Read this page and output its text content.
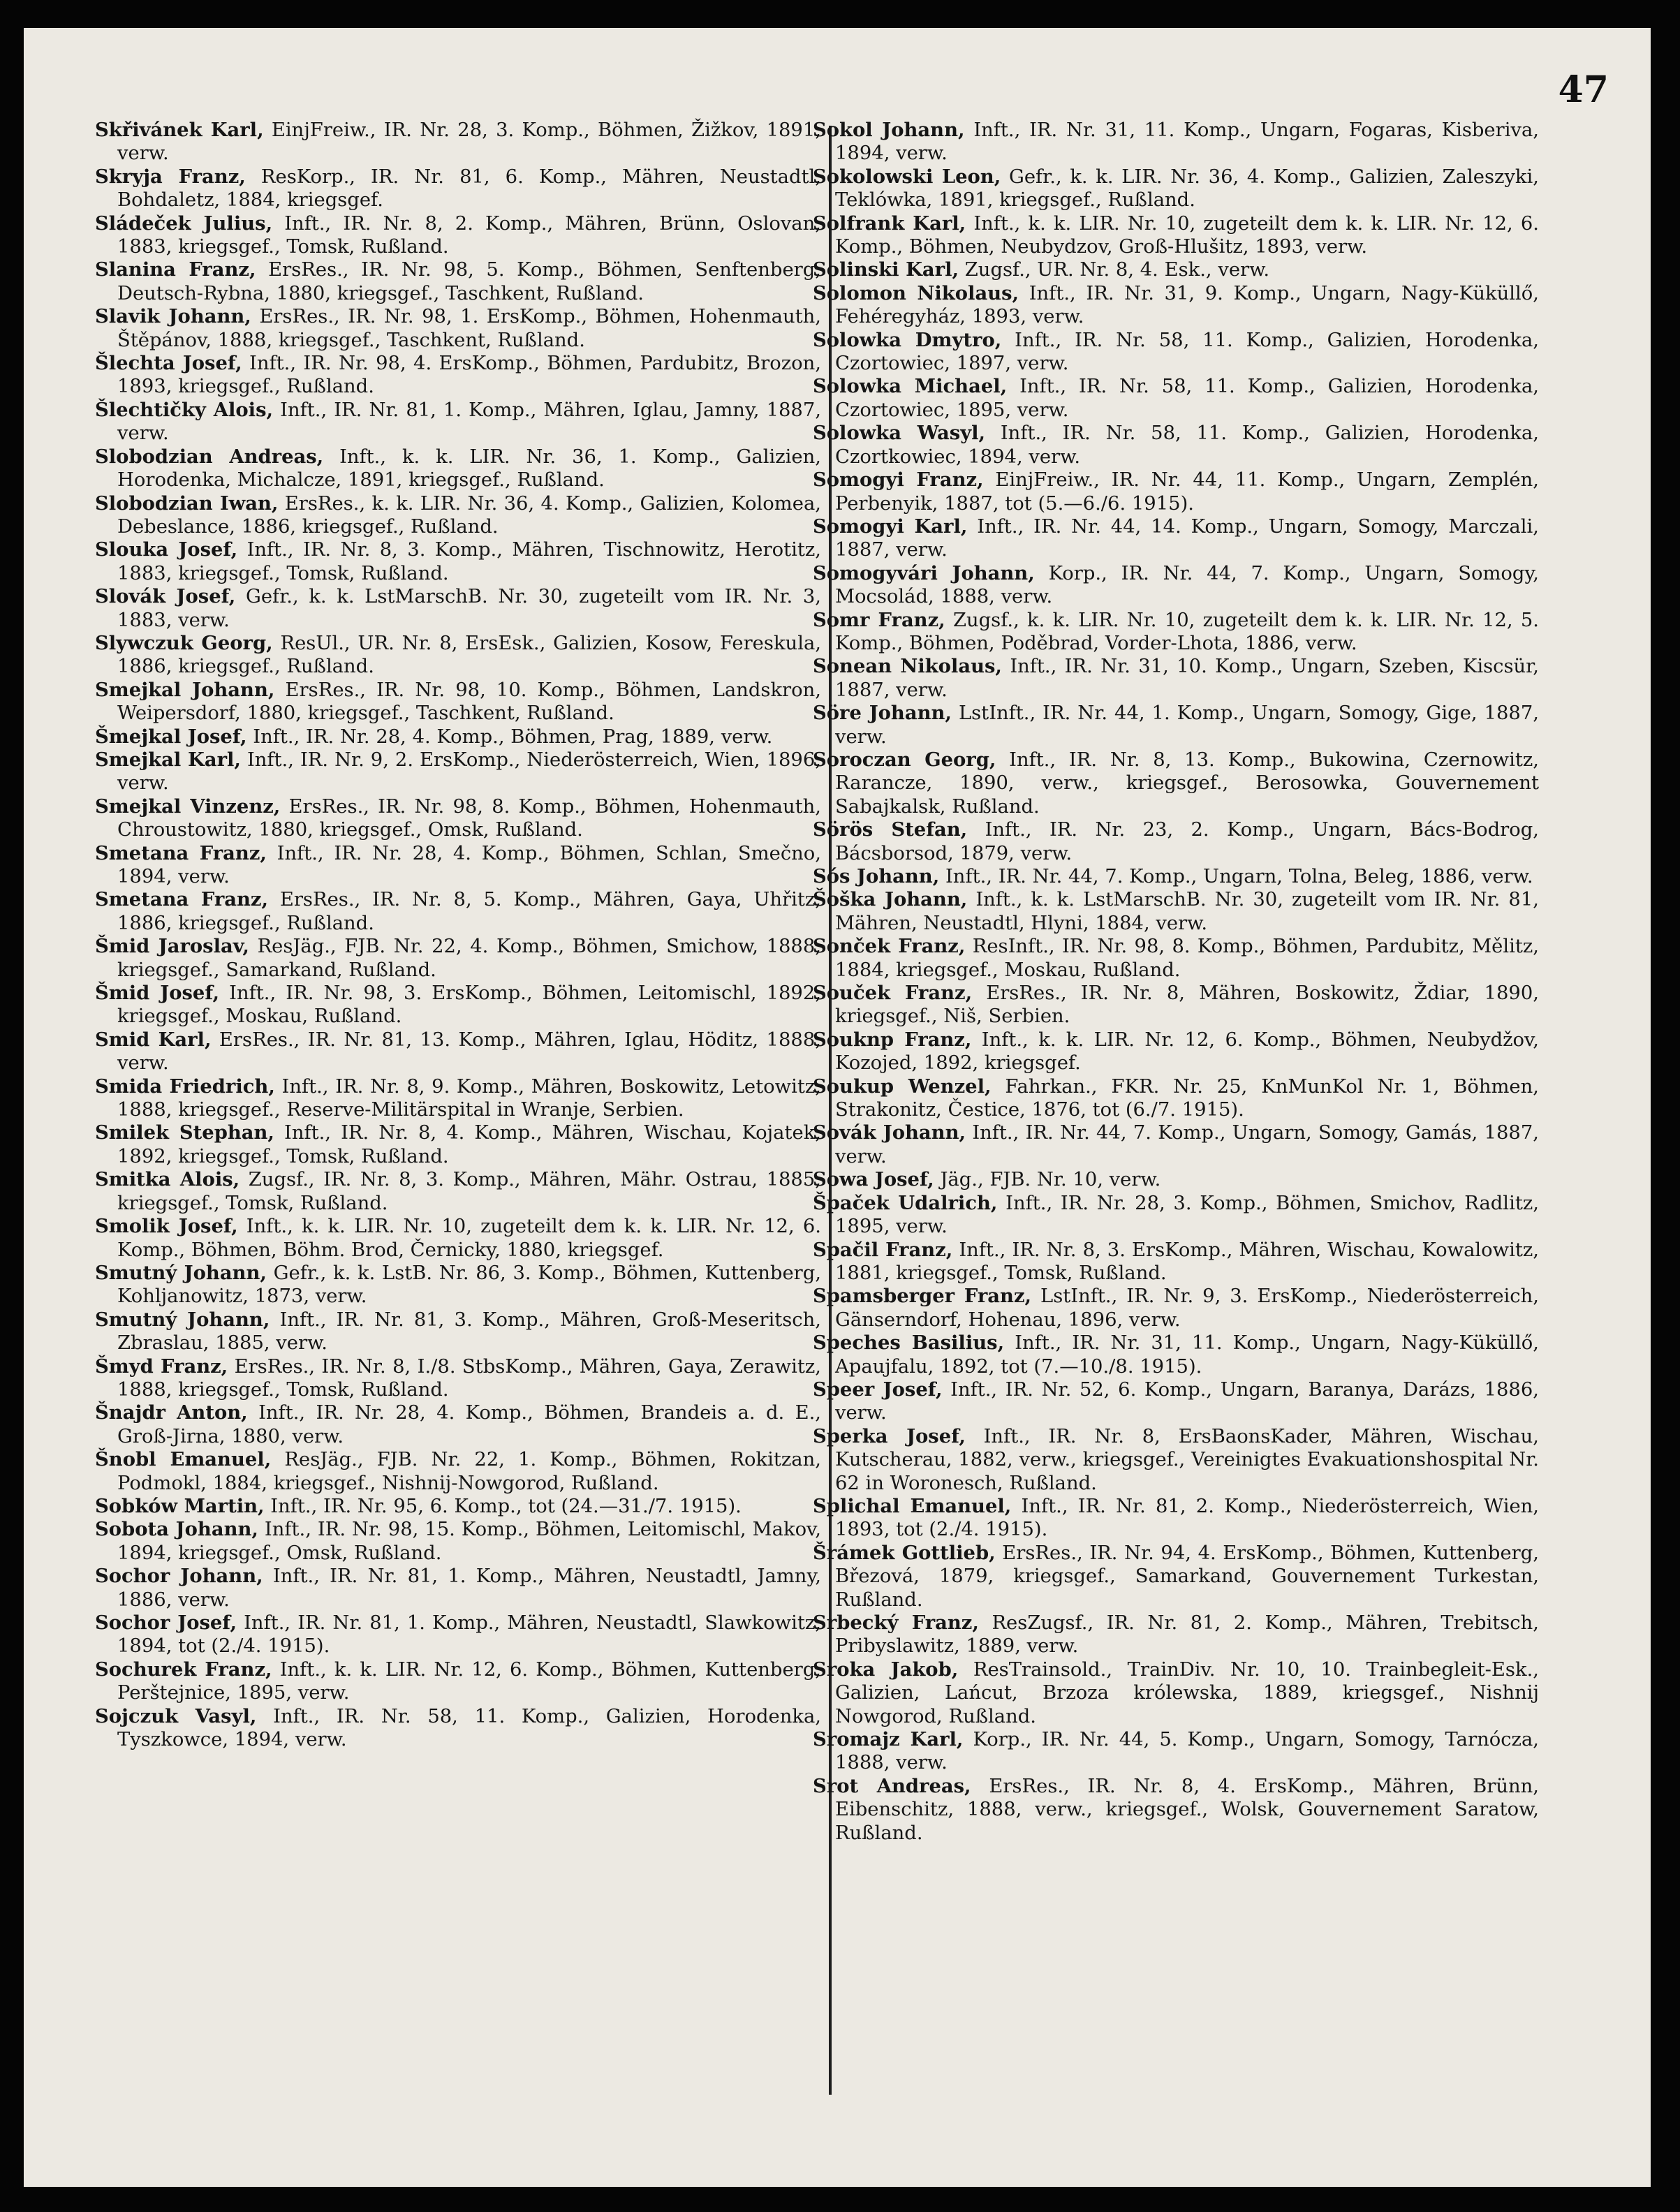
47
Skřivánek Karl, EinjFreiw., IR. Nr. 28, 3. Komp., Böhmen, Žižkov, 1891, verw.
Skryja Franz, ResKorp., IR. Nr. 81, 6. Komp., Mähren, Neustadtl, Bohdaletz, 1884, kriegsgef.
Sládeček Julius, Inft., IR. Nr. 8, 2. Komp., Mähren, Brünn, Oslovan, 1883, kriegsgef., Tomsk, Rußland.
Slanina Franz, ErsRes., IR. Nr. 98, 5. Komp., Böhmen, Senftenberg, Deutsch-Rybna, 1880, kriegsgef., Taschkent, Rußland.
Slavik Johann, ErsRes., IR. Nr. 98, 1. ErsKomp., Böhmen, Hohenmauth, Štěpánov, 1888, kriegsgef., Taschkent, Rußland.
Šlechta Josef, Inft., IR. Nr. 98, 4. ErsKomp., Böhmen, Pardubitz, Brozon, 1893, kriegsgef., Rußland.
Šlechtičky Alois, Inft., IR. Nr. 81, 1. Komp., Mähren, Iglau, Jamny, 1887, verw.
Slobodzian Andreas, Inft., k. k. LIR. Nr. 36, 1. Komp., Galizien, Horodenka, Michalcze, 1891, kriegsgef., Rußland.
Slobodzian Iwan, ErsRes., k. k. LIR. Nr. 36, 4. Komp., Galizien, Kolomea, Debeslance, 1886, kriegsgef., Rußland.
Slouka Josef, Inft., IR. Nr. 8, 3. Komp., Mähren, Tischnowitz, Herotitz, 1883, kriegsgef., Tomsk, Rußland.
Slovák Josef, Gefr., k. k. LstMarschB. Nr. 30, zugeteilt vom IR. Nr. 3, 1883, verw.
Slywczuk Georg, ResUl., UR. Nr. 8, ErsEsk., Galizien, Kosow, Fereskula, 1886, kriegsgef., Rußland.
Smejkal Johann, ErsRes., IR. Nr. 98, 10. Komp., Böhmen, Landskron, Weipersdorf, 1880, kriegsgef., Taschkent, Rußland.
Šmejkal Josef, Inft., IR. Nr. 28, 4. Komp., Böhmen, Prag, 1889, verw.
Smejkal Karl, Inft., IR. Nr. 9, 2. ErsKomp., Niederösterreich, Wien, 1896, verw.
Smejkal Vinzenz, ErsRes., IR. Nr. 98, 8. Komp., Böhmen, Hohenmauth, Chroustowitz, 1880, kriegsgef., Omsk, Rußland.
Smetana Franz, Inft., IR. Nr. 28, 4. Komp., Böhmen, Schlan, Smečno, 1894, verw.
Smetana Franz, ErsRes., IR. Nr. 8, 5. Komp., Mähren, Gaya, Uhřitz, 1886, kriegsgef., Rußland.
Šmid Jaroslav, ResJäg., FJB. Nr. 22, 4. Komp., Böhmen, Smichow, 1888, kriegsgef., Samarkand, Rußland.
Šmid Josef, Inft., IR. Nr. 98, 3. ErsKomp., Böhmen, Leitomischl, 1892, kriegsgef., Moskau, Rußland.
Smid Karl, ErsRes., IR. Nr. 81, 13. Komp., Mähren, Iglau, Höditz, 1888, verw.
Smida Friedrich, Inft., IR. Nr. 8, 9. Komp., Mähren, Boskowitz, Letowitz, 1888, kriegsgef., Reserve-Militärspital in Wranje, Serbien.
Smilek Stephan, Inft., IR. Nr. 8, 4. Komp., Mähren, Wischau, Kojatek, 1892, kriegsgef., Tomsk, Rußland.
Smitka Alois, Zugsf., IR. Nr. 8, 3. Komp., Mähren, Mähr. Ostrau, 1885, kriegsgef., Tomsk, Rußland.
Smolik Josef, Inft., k. k. LIR. Nr. 10, zugeteilt dem k. k. LIR. Nr. 12, 6. Komp., Böhmen, Böhm. Brod, Černicky, 1880, kriegsgef.
Smutný Johann, Gefr., k. k. LstB. Nr. 86, 3. Komp., Böhmen, Kuttenberg, Kohljanowitz, 1873, verw.
Smutný Johann, Inft., IR. Nr. 81, 3. Komp., Mähren, Groß-Meseritsch, Zbraslau, 1885, verw.
Šmyd Franz, ErsRes., IR. Nr. 8, I./8. StbsKomp., Mähren, Gaya, Zerawitz, 1888, kriegsgef., Tomsk, Rußland.
Šnajdr Anton, Inft., IR. Nr. 28, 4. Komp., Böhmen, Brandeis a. d. E., Groß-Jirna, 1880, verw.
Šnobl Emanuel, ResJäg., FJB. Nr. 22, 1. Komp., Böhmen, Rokitzan, Podmokl, 1884, kriegsgef., Nishnij-Nowgorod, Rußland.
Sobków Martin, Inft., IR. Nr. 95, 6. Komp., tot (24.—31./7. 1915).
Sobota Johann, Inft., IR. Nr. 98, 15. Komp., Böhmen, Leitomischl, Makov, 1894, kriegsgef., Omsk, Rußland.
Sochor Johann, Inft., IR. Nr. 81, 1. Komp., Mähren, Neustadtl, Jamny, 1886, verw.
Sochor Josef, Inft., IR. Nr. 81, 1. Komp., Mähren, Neustadtl, Slawkowitz, 1894, tot (2./4. 1915).
Sochurek Franz, Inft., k. k. LIR. Nr. 12, 6. Komp., Böhmen, Kuttenberg, Perštejnice, 1895, verw.
Sojczuk Vasyl, Inft., IR. Nr. 58, 11. Komp., Galizien, Horodenka, Tyszkowce, 1894, verw.
Sokol Johann, Inft., IR. Nr. 31, 11. Komp., Ungarn, Fogaras, Kisberiva, 1894, verw.
Sokolowski Leon, Gefr., k. k. LIR. Nr. 36, 4. Komp., Galizien, Zaleszyki, Teklówka, 1891, kriegsgef., Rußland.
Solfrank Karl, Inft., k. k. LIR. Nr. 10, zugeteilt dem k. k. LIR. Nr. 12, 6. Komp., Böhmen, Neubydzov, Groß-Hlušitz, 1893, verw.
Solinski Karl, Zugsf., UR. Nr. 8, 4. Esk., verw.
Solomon Nikolaus, Inft., IR. Nr. 31, 9. Komp., Ungarn, Nagy-Küküllő, Fehéregyház, 1893, verw.
Solowka Dmytro, Inft., IR. Nr. 58, 11. Komp., Galizien, Horodenka, Czortowiec, 1897, verw.
Solowka Michael, Inft., IR. Nr. 58, 11. Komp., Galizien, Horodenka, Czortowiec, 1895, verw.
Solowka Wasyl, Inft., IR. Nr. 58, 11. Komp., Galizien, Horodenka, Czortkowiec, 1894, verw.
Somogyi Franz, EinjFreiw., IR. Nr. 44, 11. Komp., Ungarn, Zemplén, Perbenyik, 1887, tot (5.—6./6. 1915).
Somogyi Karl, Inft., IR. Nr. 44, 14. Komp., Ungarn, Somogy, Marczali, 1887, verw.
Somogyvári Johann, Korp., IR. Nr. 44, 7. Komp., Ungarn, Somogy, Mocsolád, 1888, verw.
Somr Franz, Zugsf., k. k. LIR. Nr. 10, zugeteilt dem k. k. LIR. Nr. 12, 5. Komp., Böhmen, Poděbrad, Vorder-Lhota, 1886, verw.
Sonean Nikolaus, Inft., IR. Nr. 31, 10. Komp., Ungarn, Szeben, Kiscsür, 1887, verw.
Söre Johann, LstInft., IR. Nr. 44, 1. Komp., Ungarn, Somogy, Gige, 1887, verw.
Soroczan Georg, Inft., IR. Nr. 8, 13. Komp., Bukowina, Czernowitz, Rarancze, 1890, verw., kriegsgef., Berosowka, Gouvernement Sabajkalsk, Rußland.
Sörös Stefan, Inft., IR. Nr. 23, 2. Komp., Ungarn, Bács-Bodrog, Bácsborsod, 1879, verw.
Sós Johann, Inft., IR. Nr. 44, 7. Komp., Ungarn, Tolna, Beleg, 1886, verw.
Šoška Johann, Inft., k. k. LstMarschB. Nr. 30, zugeteilt vom IR. Nr. 81, Mähren, Neustadtl, Hlyni, 1884, verw.
Sonček Franz, ResInft., IR. Nr. 98, 8. Komp., Böhmen, Pardubitz, Mělitz, 1884, kriegsgef., Moskau, Rußland.
Souček Franz, ErsRes., IR. Nr. 8, Mähren, Boskowitz, Ždiar, 1890, kriegsgef., Niš, Serbien.
Souknp Franz, Inft., k. k. LIR. Nr. 12, 6. Komp., Böhmen, Neubydžov, Kozojed, 1892, kriegsgef.
Soukup Wenzel, Fahrkan., FKR. Nr. 25, KnMunKol Nr. 1, Böhmen, Strakonitz, Čestice, 1876, tot (6./7. 1915).
Sovák Johann, Inft., IR. Nr. 44, 7. Komp., Ungarn, Somogy, Gamás, 1887, verw.
Sowa Josef, Jäg., FJB. Nr. 10, verw.
Špaček Udalrich, Inft., IR. Nr. 28, 3. Komp., Böhmen, Smichov, Radlitz, 1895, verw.
Spačil Franz, Inft., IR. Nr. 8, 3. ErsKomp., Mähren, Wischau, Kowalowitz, 1881, kriegsgef., Tomsk, Rußland.
Spamsberger Franz, LstInft., IR. Nr. 9, 3. ErsKomp., Niederösterreich, Gänserndorf, Hohenau, 1896, verw.
Speches Basilius, Inft., IR. Nr. 31, 11. Komp., Ungarn, Nagy-Küküllő, Apaujfalu, 1892, tot (7.—10./8. 1915).
Speer Josef, Inft., IR. Nr. 52, 6. Komp., Ungarn, Baranya, Darázs, 1886, verw.
Sperka Josef, Inft., IR. Nr. 8, ErsBaonsKader, Mähren, Wischau, Kutscherau, 1882, verw., kriegsgef., Vereinigtes Evakuationshospital Nr. 62 in Woronesch, Rußland.
Splichal Emanuel, Inft., IR. Nr. 81, 2. Komp., Niederösterreich, Wien, 1893, tot (2./4. 1915).
Šrámek Gottlieb, ErsRes., IR. Nr. 94, 4. ErsKomp., Böhmen, Kuttenberg, Březová, 1879, kriegsgef., Samarkand, Gouvernement Turkestan, Rußland.
Srbecký Franz, ResZugsf., IR. Nr. 81, 2. Komp., Mähren, Trebitsch, Pribyslawitz, 1889, verw.
Sroka Jakob, ResTrainsold., TrainDiv. Nr. 10, 10. Trainbegleit-Esk., Galizien, Lańcut, Brzoza królewska, 1889, kriegsgef., Nishnij Nowgorod, Rußland.
Sromajz Karl, Korp., IR. Nr. 44, 5. Komp., Ungarn, Somogy, Tarnócza, 1888, verw.
Srot Andreas, ErsRes., IR. Nr. 8, 4. ErsKomp., Mähren, Brünn, Eibenschitz, 1888, verw., kriegsgef., Wolsk, Gouvernement Saratow, Rußland.
